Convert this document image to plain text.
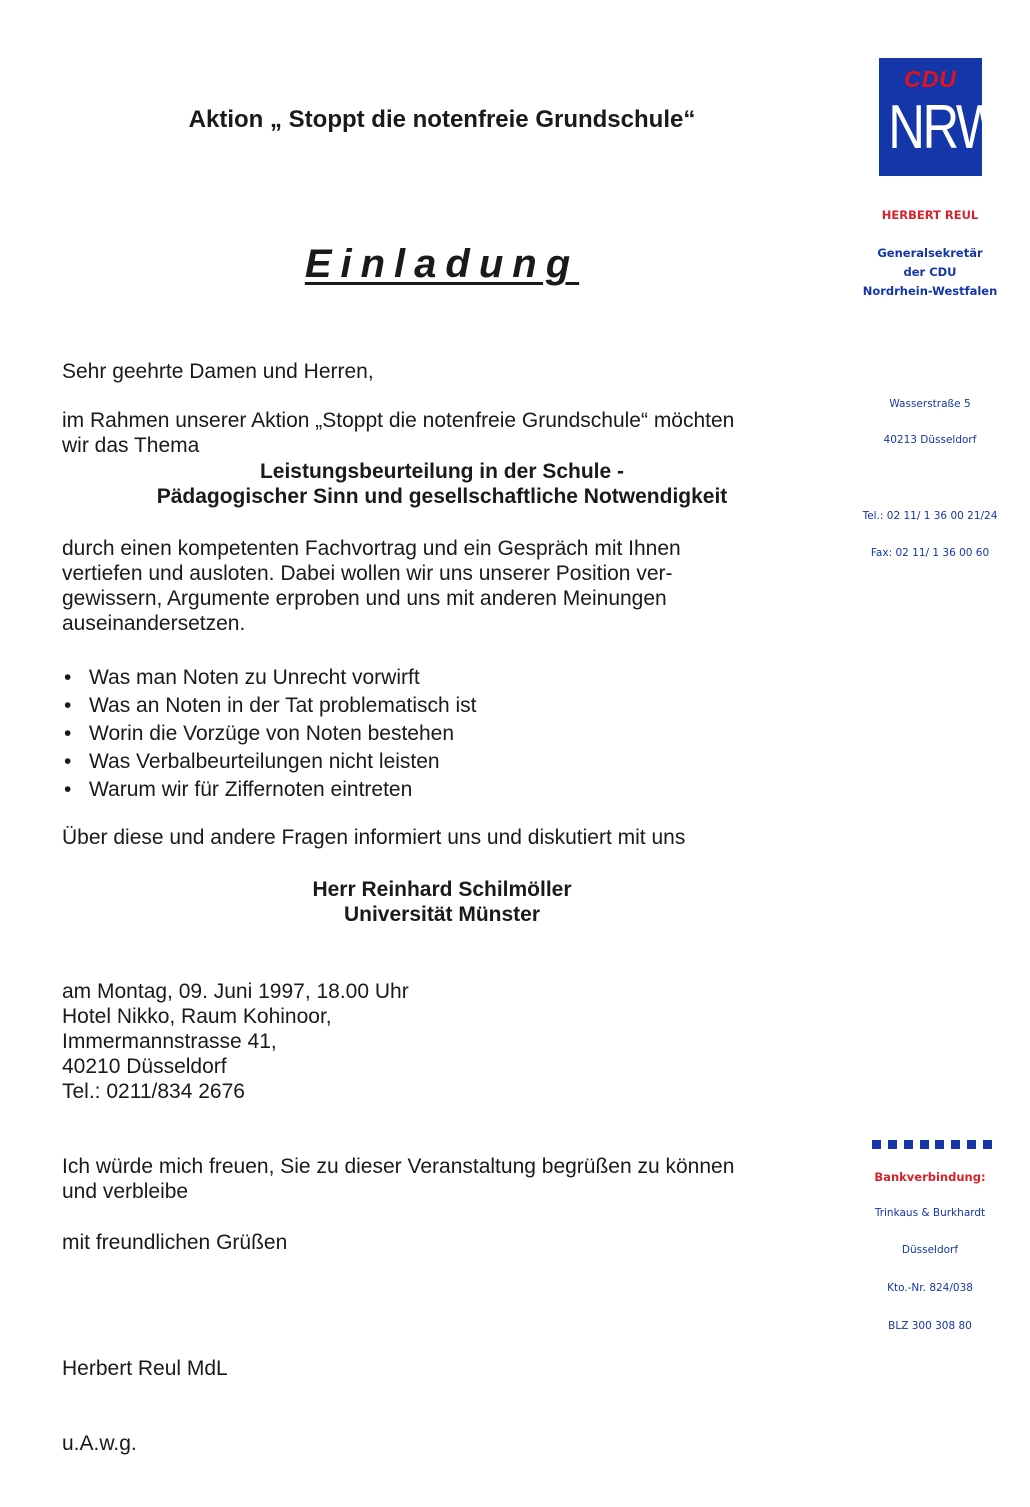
Aktion „ Stoppt die notenfreie Grundschule“
Einladung
Sehr geehrte Damen und Herren,
im Rahmen unserer Aktion „Stoppt die notenfreie Grundschule“ möchten
wir das Thema
Leistungsbeurteilung in der Schule -
Pädagogischer Sinn und gesellschaftliche Notwendigkeit
durch einen kompetenten Fachvortrag und ein Gespräch mit Ihnen
vertiefen und ausloten. Dabei wollen wir uns unserer Position ver-
gewissern, Argumente erproben und uns mit anderen Meinungen
auseinandersetzen.
• Was man Noten zu Unrecht vorwirft
• Was an Noten in der Tat problematisch ist
• Worin die Vorzüge von Noten bestehen
• Was Verbalbeurteilungen nicht leisten
• Warum wir für Ziffernoten eintreten
Über diese und andere Fragen informiert uns und diskutiert mit uns
Herr Reinhard Schilmöller
Universität Münster
am Montag, 09. Juni 1997, 18.00 Uhr
Hotel Nikko, Raum Kohinoor,
Immermannstrasse 41,
40210 Düsseldorf
Tel.: 0211/834 2676
Ich würde mich freuen, Sie zu dieser Veranstaltung begrüßen zu können
und verbleibe
mit freundlichen Grüßen
Herbert Reul MdL
u.A.w.g.
CDU
NRW
HERBERT REUL
Generalsekretär
der CDU
Nordrhein-Westfalen
Wasserstraße 5
40213 Düsseldorf
Tel.: 02 11/ 1 36 00 21/24
Fax: 02 11/ 1 36 00 60
Bankverbindung:
Trinkaus & Burkhardt
Düsseldorf
Kto.-Nr. 824/038
BLZ 300 308 80
